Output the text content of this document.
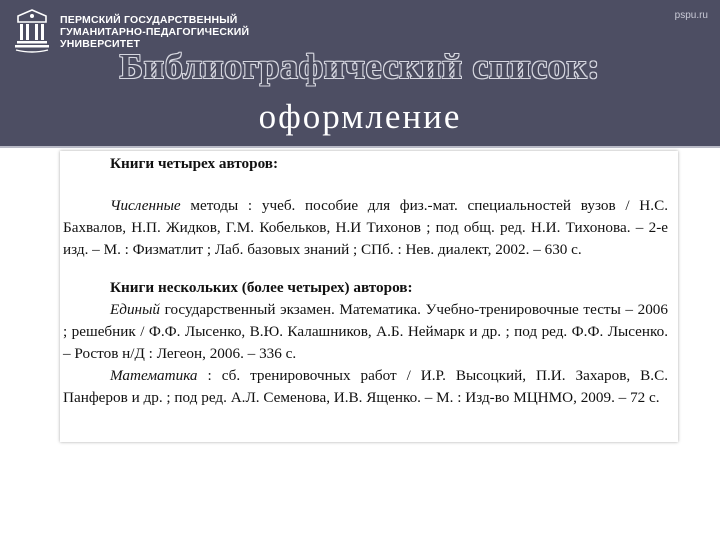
ПЕРМСКИЙ ГОСУДАРСТВЕННЫЙ
ГУМАНИТАРНО-ПЕДАГОГИЧЕСКИЙ
УНИВЕРСИТЕТ
pspu.ru
Библиографический список:
оформление

Книги четырех авторов:

Численные методы : учеб. пособие для физ.-мат. специальностей вузов / Н.С. Бахвалов, Н.П. Жидков, Г.М. Кобельков, Н.И Тихонов ; под общ. ред. Н.И. Тихонова. – 2-е изд. – М. : Физматлит ; Лаб. базовых знаний ; СПб. : Нев. диалект, 2002. – 630 с.

Книги нескольких (более четырех) авторов:

Единый государственный экзамен. Математика. Учебно-тренировочные тесты – 2006 ; решебник / Ф.Ф. Лысенко, В.Ю. Калашников, А.Б. Неймарк и др. ; под ред. Ф.Ф. Лысенко. – Ростов н/Д : Легеон, 2006. – 336 с.

Математика : сб. тренировочных работ / И.Р. Высоцкий, П.И. Захаров, В.С. Панферов и др. ; под ред. А.Л. Семенова, И.В. Ященко. – М. : Изд-во МЦНМО, 2009. – 72 с.
